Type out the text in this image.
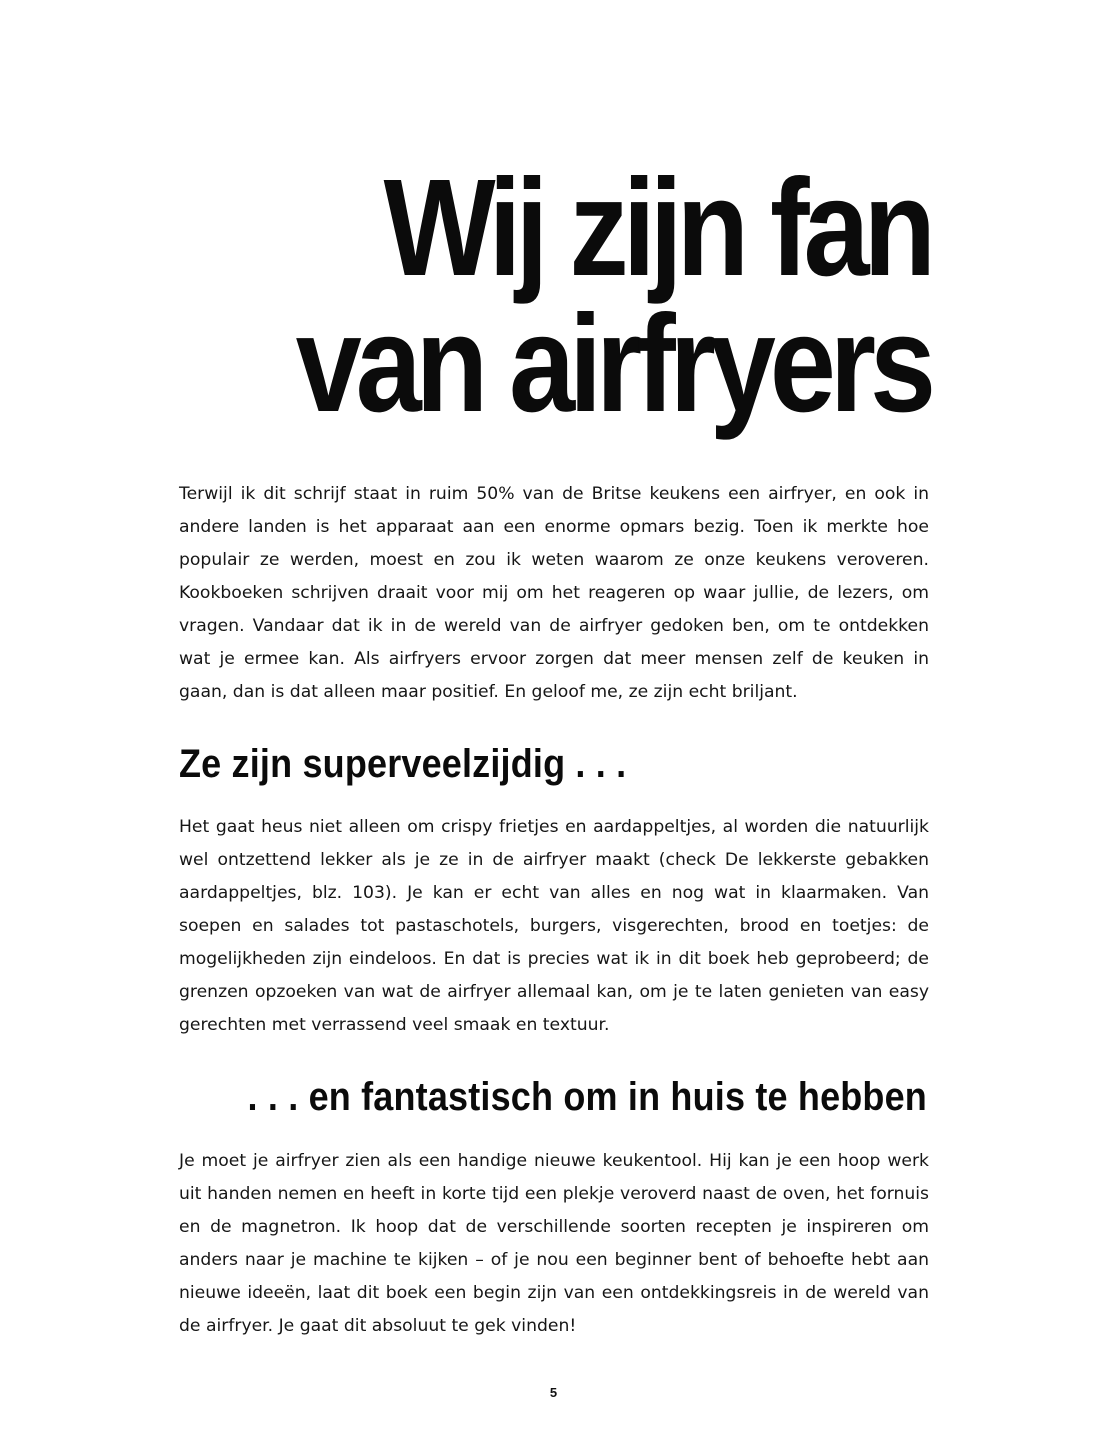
Wij zijn fan
van airfryers

Terwijl ik dit schrijf staat in ruim 50% van de Britse keukens een airfryer, en ook in andere landen is het apparaat aan een enorme opmars bezig. Toen ik merkte hoe populair ze werden, moest en zou ik weten waarom ze onze keukens veroveren. Kookboeken schrijven draait voor mij om het reageren op waar jullie, de lezers, om vragen. Vandaar dat ik in de wereld van de airfryer gedoken ben, om te ontdekken wat je ermee kan. Als airfryers ervoor zorgen dat meer mensen zelf de keuken in gaan, dan is dat alleen maar positief. En geloof me, ze zijn echt briljant.

Ze zijn superveelzijdig . . .

Het gaat heus niet alleen om crispy frietjes en aardappeltjes, al worden die natuurlijk wel ontzettend lekker als je ze in de airfryer maakt (check De lekkerste gebakken aardappeltjes, blz. 103). Je kan er echt van alles en nog wat in klaarmaken. Van soepen en salades tot pastaschotels, burgers, visgerechten, brood en toetjes: de mogelijkheden zijn eindeloos. En dat is precies wat ik in dit boek heb geprobeerd; de grenzen opzoeken van wat de airfryer allemaal kan, om je te laten genieten van easy gerechten met verrassend veel smaak en textuur.

. . . en fantastisch om in huis te hebben

Je moet je airfryer zien als een handige nieuwe keukentool. Hij kan je een hoop werk uit handen nemen en heeft in korte tijd een plekje veroverd naast de oven, het fornuis en de magnetron. Ik hoop dat de verschillende soorten recepten je inspireren om anders naar je machine te kijken – of je nou een beginner bent of behoefte hebt aan nieuwe ideeën, laat dit boek een begin zijn van een ontdekkingsreis in de wereld van de airfryer. Je gaat dit absoluut te gek vinden!

5
